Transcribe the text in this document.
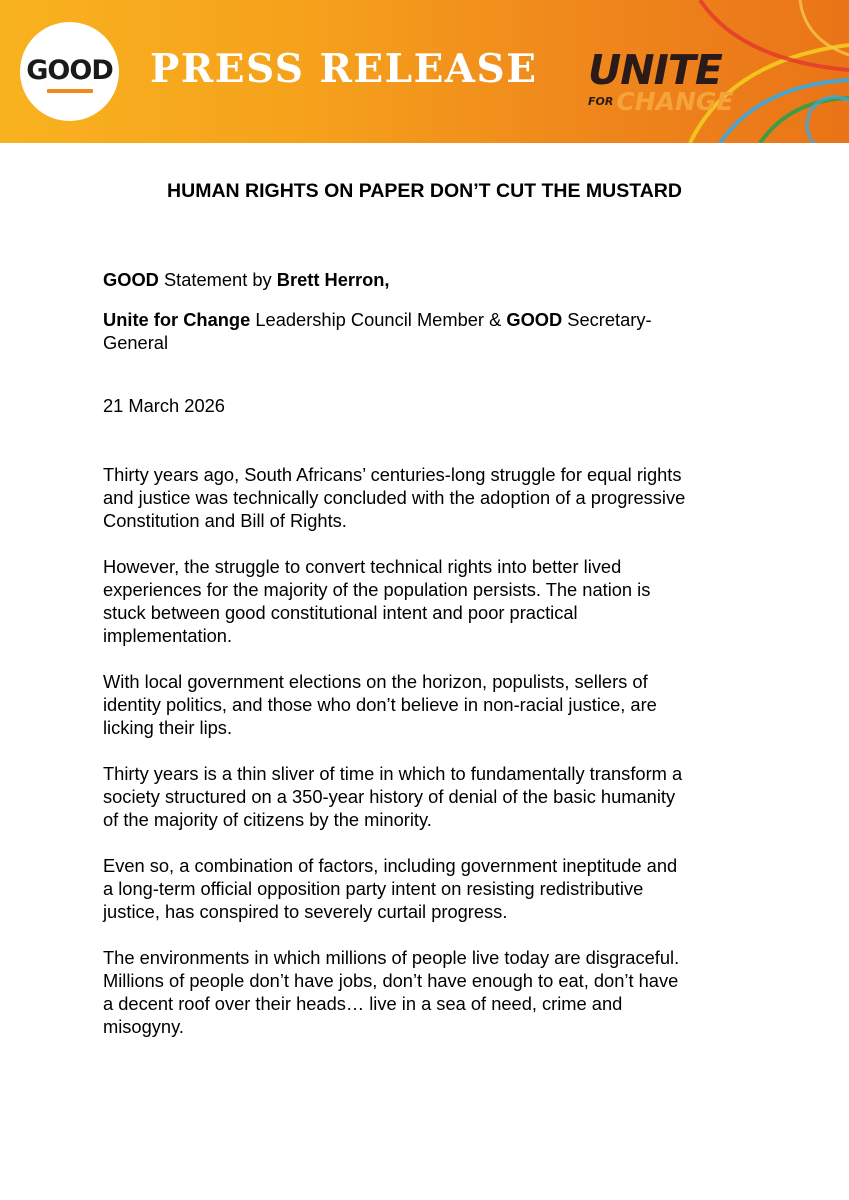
GOOD PRESS RELEASE UNITE
FOR CHANGE
HUMAN RIGHTS ON PAPER DON’T CUT THE MUSTARD

GOOD Statement by Brett Herron,

Unite for Change Leadership Council Member & GOOD Secretary-

General

21 March 2026

Thirty years ago, South Africans’ centuries-long struggle for equal rights

and justice was technically concluded with the adoption of a progressive

Constitution and Bill of Rights.

However, the struggle to convert technical rights into better lived

experiences for the majority of the population persists. The nation is

stuck between good constitutional intent and poor practical

implementation.

With local government elections on the horizon, populists, sellers of

identity politics, and those who don’t believe in non-racial justice, are

licking their lips.

Thirty years is a thin sliver of time in which to fundamentally transform a

society structured on a 350-year history of denial of the basic humanity

of the majority of citizens by the minority.

Even so, a combination of factors, including government ineptitude and

a long-term official opposition party intent on resisting redistributive

justice, has conspired to severely curtail progress.

The environments in which millions of people live today are disgraceful.

Millions of people don’t have jobs, don’t have enough to eat, don’t have

a decent roof over their heads… live in a sea of need, crime and

misogyny.
